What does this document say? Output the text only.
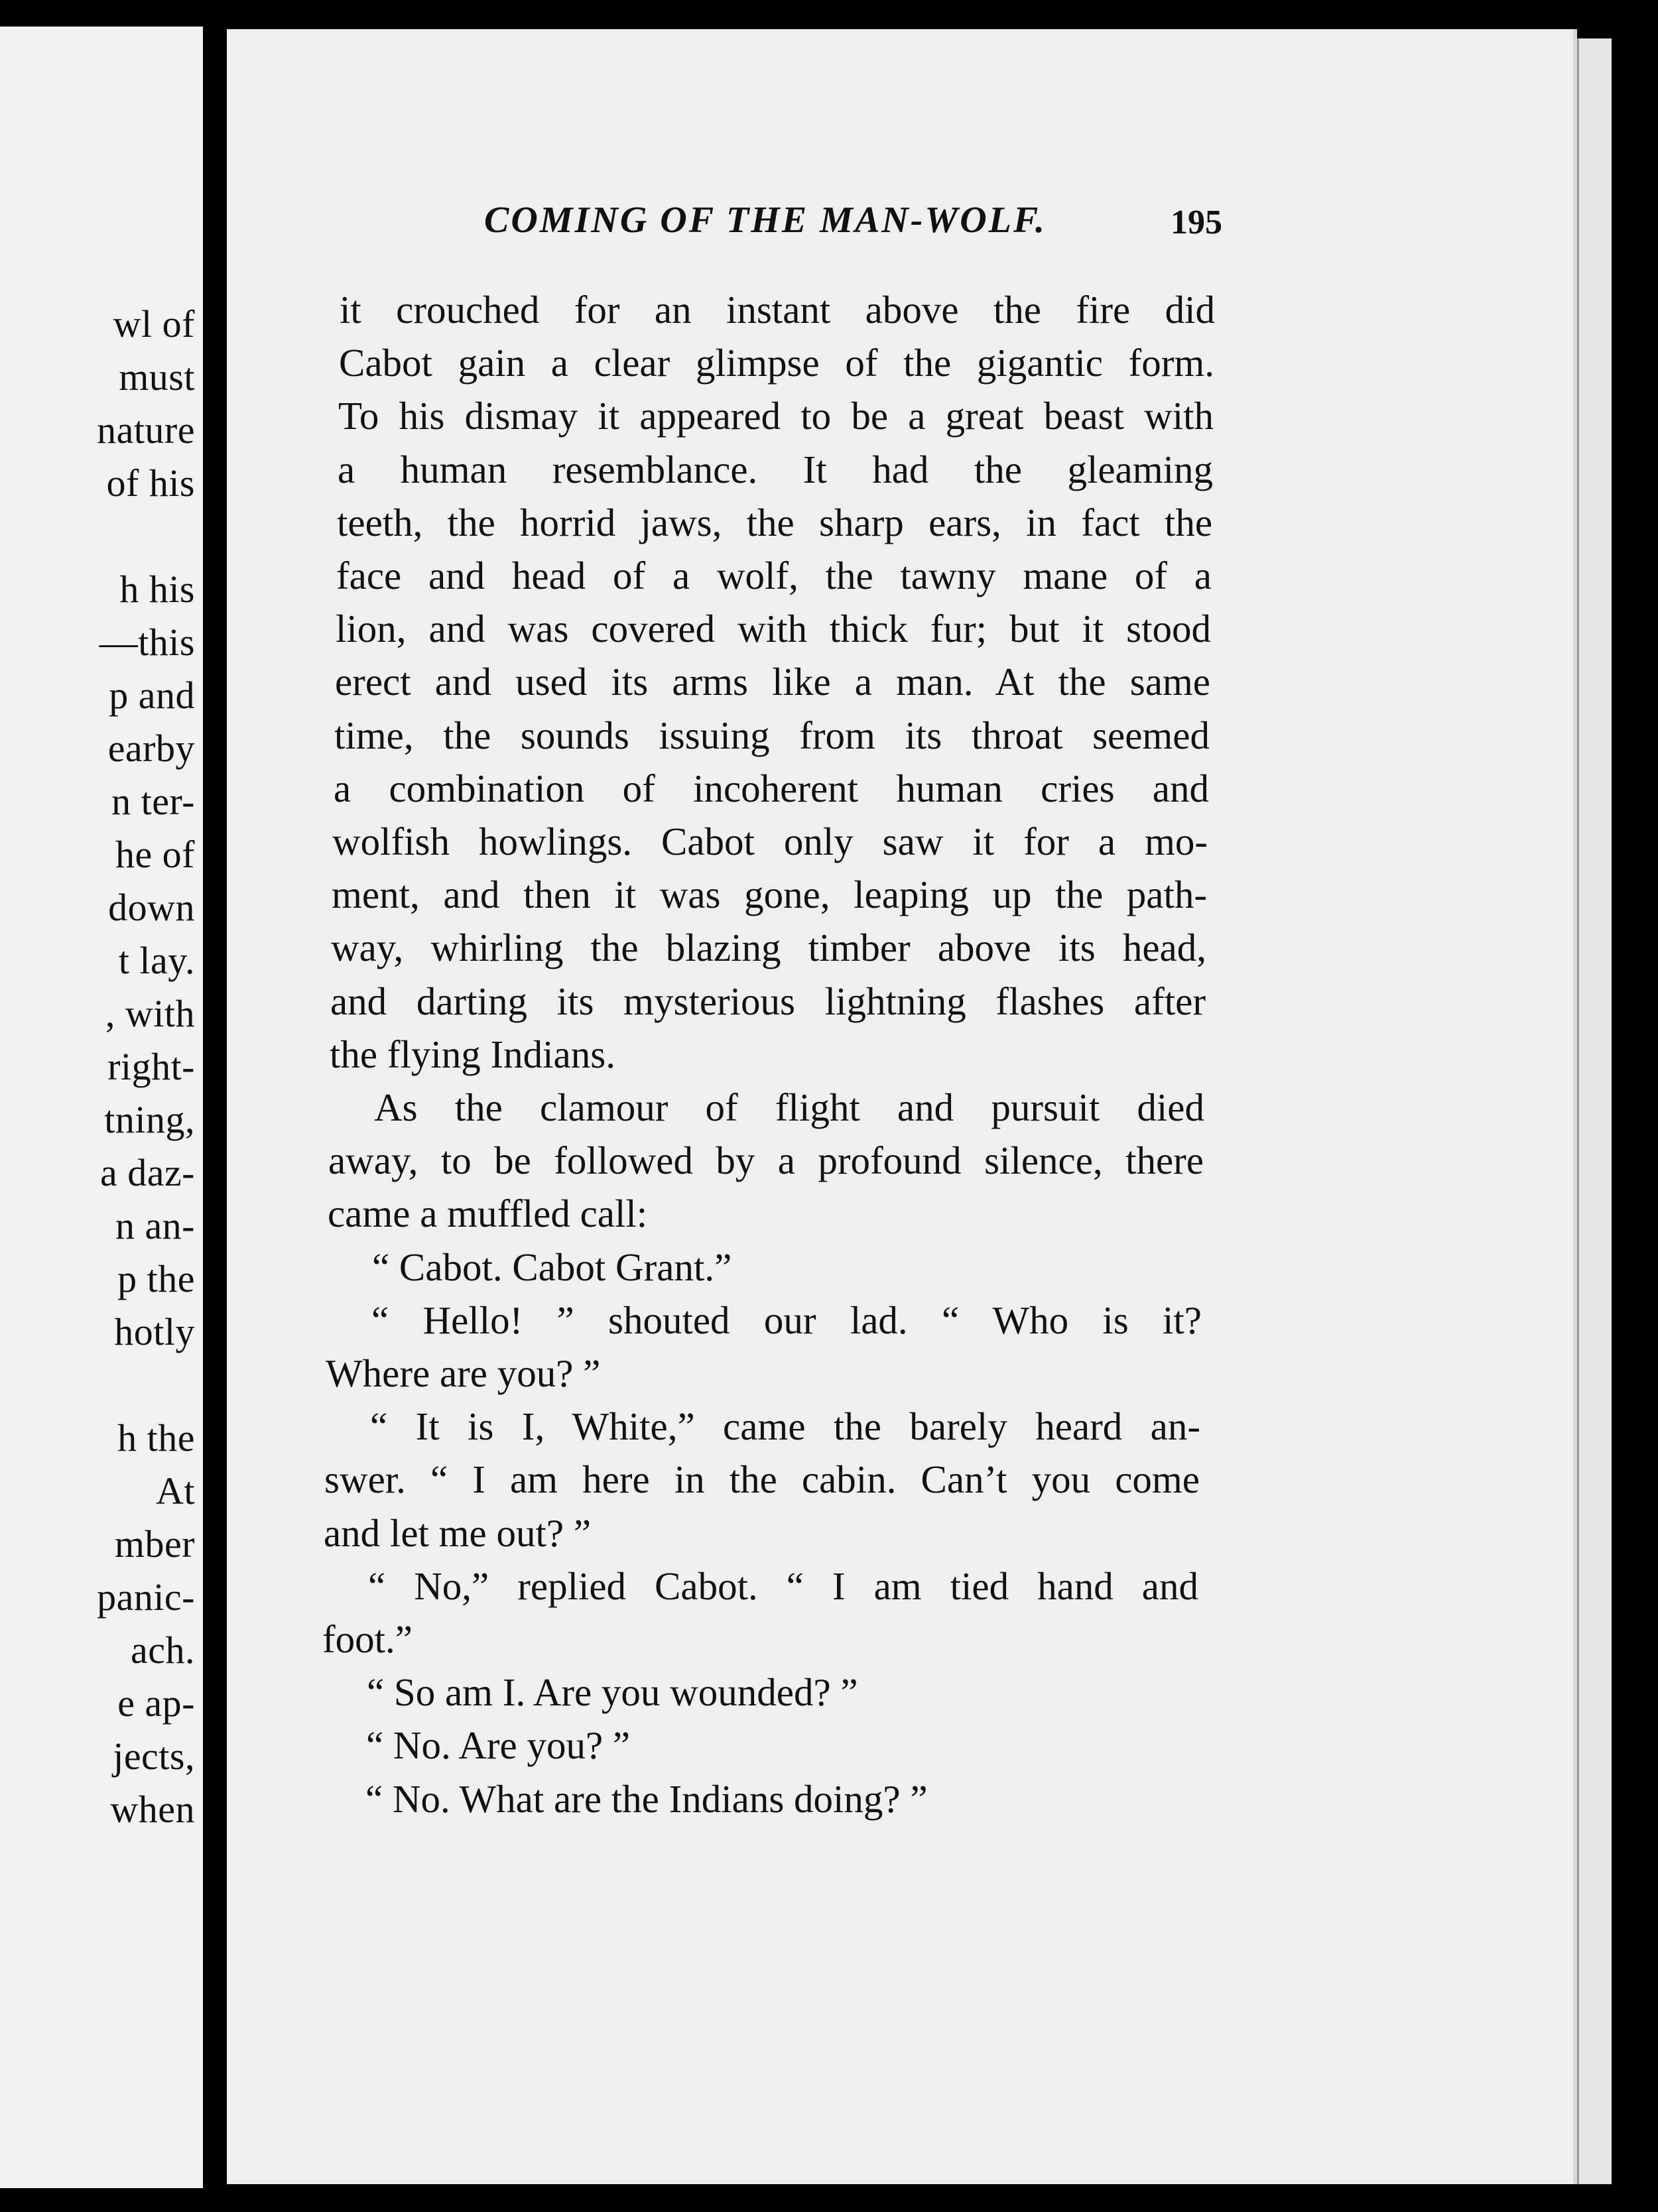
wl of
must
nature
of his
h his
—this
p and
earby
n ter-
he of
down
t lay.
, with
right-
tning,
a daz-
n an-
p the
hotly
h the
At
mber
panic-
ach.
e ap-
jects,
when
COMING OF THE MAN-WOLF.	195
it crouched for an instant above the fire did
Cabot gain a clear glimpse of the gigantic form.
To his dismay it appeared to be a great beast with
a human resemblance. It had the gleaming
teeth, the horrid jaws, the sharp ears, in fact the
face and head of a wolf, the tawny mane of a
lion, and was covered with thick fur; but it stood
erect and used its arms like a man. At the same
time, the sounds issuing from its throat seemed
a combination of incoherent human cries and
wolfish howlings. Cabot only saw it for a mo-
ment, and then it was gone, leaping up the path-
way, whirling the blazing timber above its head,
and darting its mysterious lightning flashes after
the flying Indians.
As the clamour of flight and pursuit died
away, to be followed by a profound silence, there
came a muffled call:
“ Cabot. Cabot Grant.”
“ Hello! ” shouted our lad. “ Who is it?
Where are you? ”
“ It is I, White,” came the barely heard an-
swer. “ I am here in the cabin. Can’t you come
and let me out? ”
“ No,” replied Cabot. “ I am tied hand and
foot.”
“ So am I. Are you wounded? ”
“ No. Are you? ”
“ No. What are the Indians doing? ”
